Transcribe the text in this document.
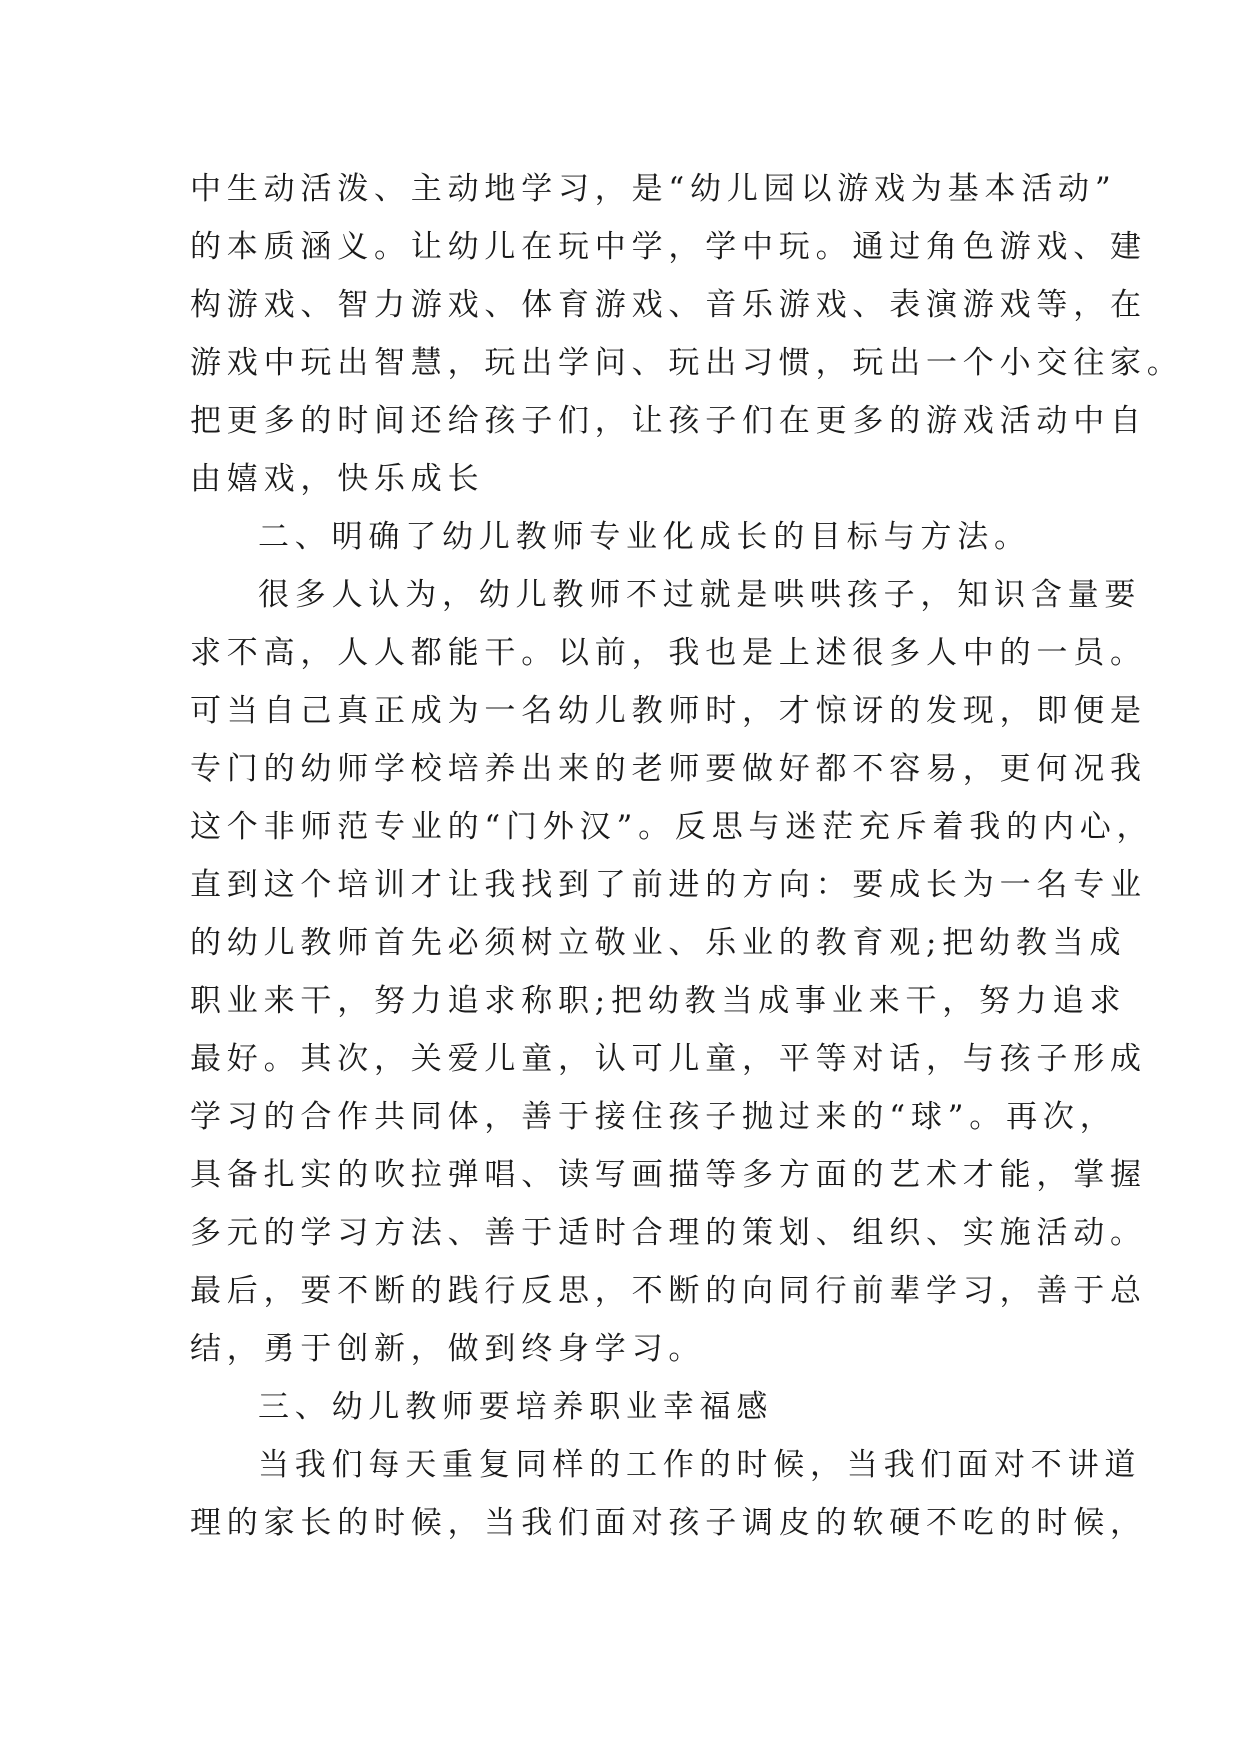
中生动活泼、主动地学习，是“幼儿园以游戏为基本活动”
的本质涵义。让幼儿在玩中学，学中玩。通过角色游戏、建
构游戏、智力游戏、体育游戏、音乐游戏、表演游戏等，在
游戏中玩出智慧，玩出学问、玩出习惯，玩出一个小交往家。
把更多的时间还给孩子们，让孩子们在更多的游戏活动中自
由嬉戏，快乐成长
二、明确了幼儿教师专业化成长的目标与方法。
很多人认为，幼儿教师不过就是哄哄孩子，知识含量要
求不高，人人都能干。以前，我也是上述很多人中的一员。
可当自己真正成为一名幼儿教师时，才惊讶的发现，即便是
专门的幼师学校培养出来的老师要做好都不容易，更何况我
这个非师范专业的“门外汉”。反思与迷茫充斥着我的内心，
直到这个培训才让我找到了前进的方向：要成长为一名专业
的幼儿教师首先必须树立敬业、乐业的教育观;把幼教当成
职业来干，努力追求称职;把幼教当成事业来干，努力追求
最好。其次，关爱儿童，认可儿童，平等对话，与孩子形成
学习的合作共同体，善于接住孩子抛过来的“球”。再次，
具备扎实的吹拉弹唱、读写画描等多方面的艺术才能，掌握
多元的学习方法、善于适时合理的策划、组织、实施活动。
最后，要不断的践行反思，不断的向同行前辈学习，善于总
结，勇于创新，做到终身学习。
三、幼儿教师要培养职业幸福感
当我们每天重复同样的工作的时候，当我们面对不讲道
理的家长的时候，当我们面对孩子调皮的软硬不吃的时候，
